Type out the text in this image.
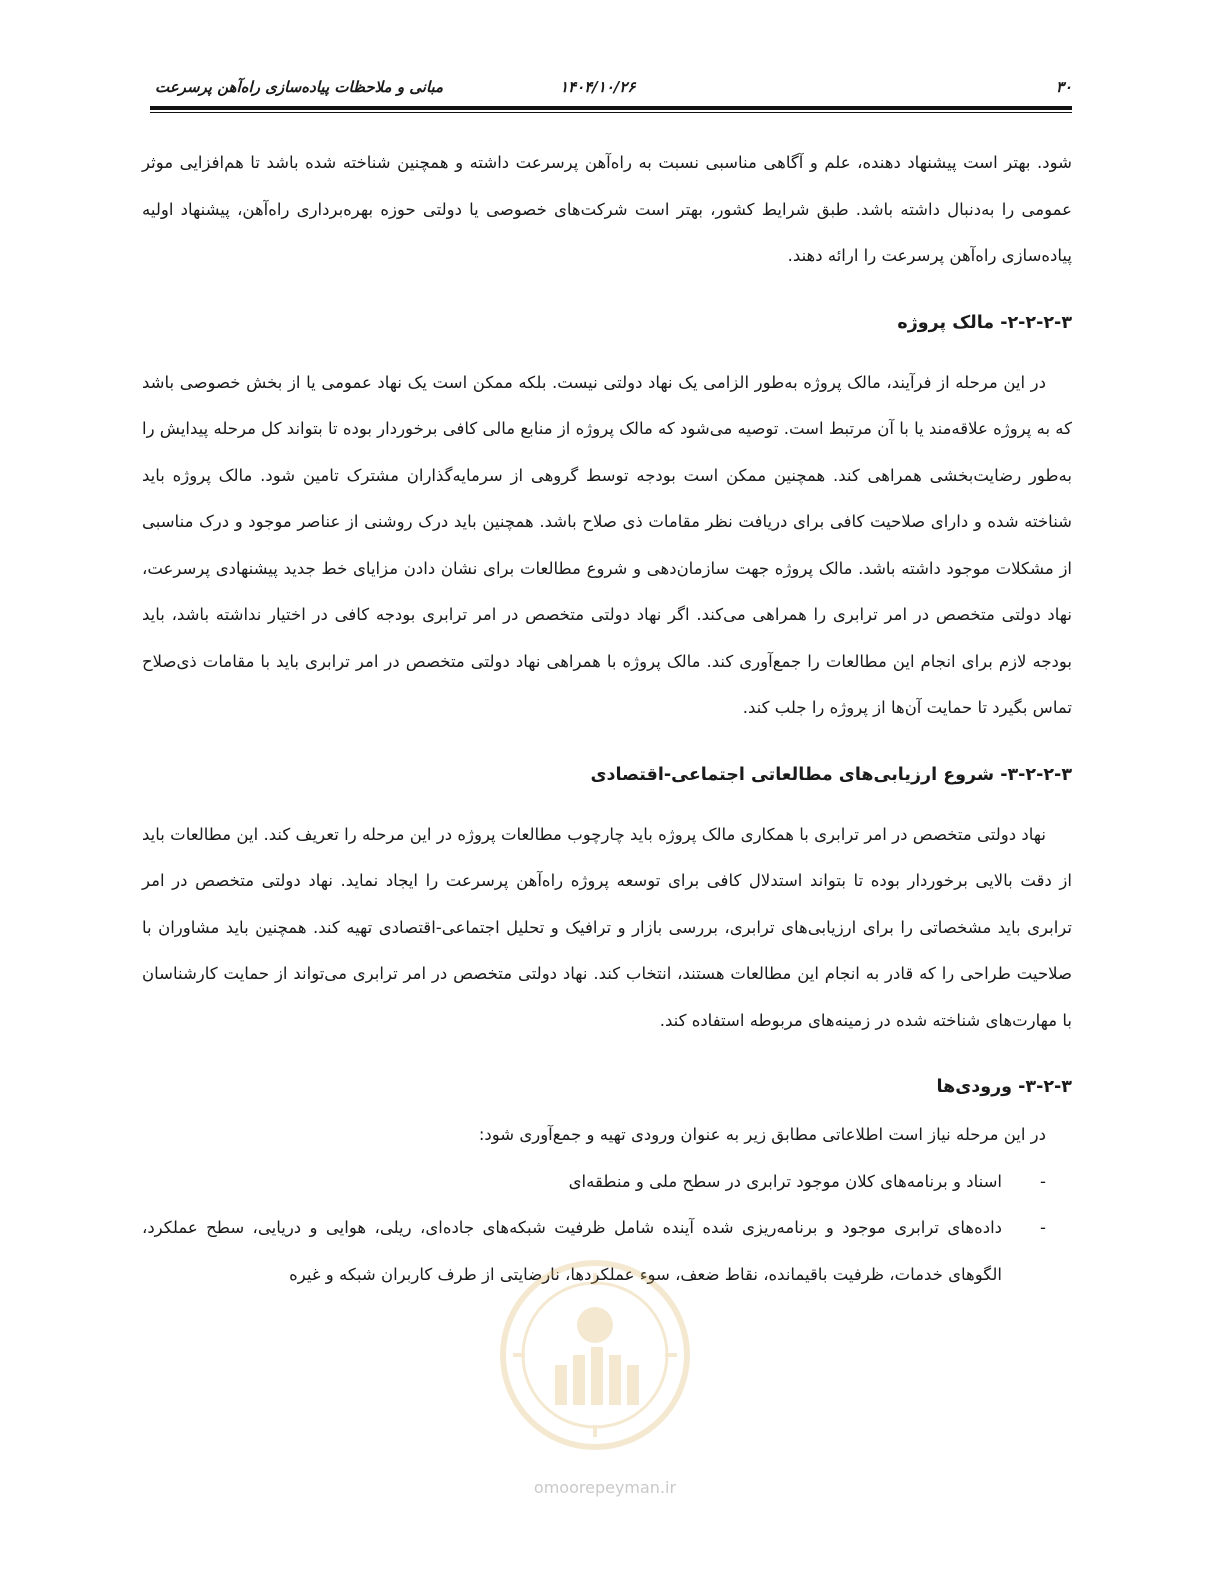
۳۰
۱۴۰۴/۱۰/۲۶
مبانی و ملاحظات پیاده‌سازی راه‌آهن پرسرعت

شود. بهتر است پیشنهاد دهنده، علم و آگاهی مناسبی نسبت به راه‌آهن پرسرعت داشته و همچنین شناخته شده باشد تا هم‌افزایی موثر عمومی را به‌دنبال داشته باشد. طبق شرایط کشور، بهتر است شرکت‌های خصوصی یا دولتی حوزه بهره‌برداری راه‌آهن، پیشنهاد اولیه پیاده‌سازی راه‌آهن پرسرعت را ارائه دهند.

۲-۲-۲-۳- مالک پروژه

در این مرحله از فرآیند، مالک پروژه به‌طور الزامی یک نهاد دولتی نیست. بلکه ممکن است یک نهاد عمومی یا از بخش خصوصی باشد که به پروژه علاقه‌مند یا با آن مرتبط است. توصیه می‌شود که مالک پروژه از منابع مالی کافی برخوردار بوده تا بتواند کل مرحله پیدایش را به‌طور رضایت‌بخشی همراهی کند. همچنین ممکن است بودجه توسط گروهی از سرمایه‌گذاران مشترک تامین شود. مالک پروژه باید شناخته شده و دارای صلاحیت کافی برای دریافت نظر مقامات ذی صلاح باشد. همچنین باید درک روشنی از عناصر موجود و درک مناسبی از مشکلات موجود داشته باشد. مالک پروژه جهت سازمان‌دهی و شروع مطالعات برای نشان دادن مزایای خط جدید پیشنهادی پرسرعت، نهاد دولتی متخصص در امر ترابری را همراهی می‌کند. اگر نهاد دولتی متخصص در امر ترابری بودجه کافی در اختیار نداشته باشد، باید بودجه لازم برای انجام این مطالعات را جمع‌آوری کند. مالک پروژه با همراهی نهاد دولتی متخصص در امر ترابری باید با مقامات ذی‌صلاح تماس بگیرد تا حمایت آن‌ها از پروژه را جلب کند.

۳-۲-۲-۳- شروع ارزیابی‌های مطالعاتی اجتماعی-اقتصادی

نهاد دولتی متخصص در امر ترابری با همکاری مالک پروژه باید چارچوب مطالعات پروژه در این مرحله را تعریف کند. این مطالعات باید از دقت بالایی برخوردار بوده تا بتواند استدلال کافی برای توسعه پروژه راه‌آهن پرسرعت را ایجاد نماید. نهاد دولتی متخصص در امر ترابری باید مشخصاتی را برای ارزیابی‌های ترابری، بررسی بازار و ترافیک و تحلیل اجتماعی-اقتصادی تهیه کند. همچنین باید مشاوران با صلاحیت طراحی را که قادر به انجام این مطالعات هستند، انتخاب کند. نهاد دولتی متخصص در امر ترابری می‌تواند از حمایت کارشناسان با مهارت‌های شناخته شده در زمینه‌های مربوطه استفاده کند.

۳-۲-۳- ورودی‌ها

در این مرحله نیاز است اطلاعاتی مطابق زیر به عنوان ورودی تهیه و جمع‌آوری شود:

-
اسناد و برنامه‌های کلان موجود ترابری در سطح ملی و منطقه‌ای
-
داده‌های ترابری موجود و برنامه‌ریزی شده آینده شامل ظرفیت شبکه‌های جاده‌ای، ریلی، هوایی و دریایی، سطح عملکرد، الگوهای خدمات، ظرفیت باقیمانده، نقاط ضعف، سوء عملکردها، نارضایتی از طرف کاربران شبکه و غیره
omoorepeyman.ir
